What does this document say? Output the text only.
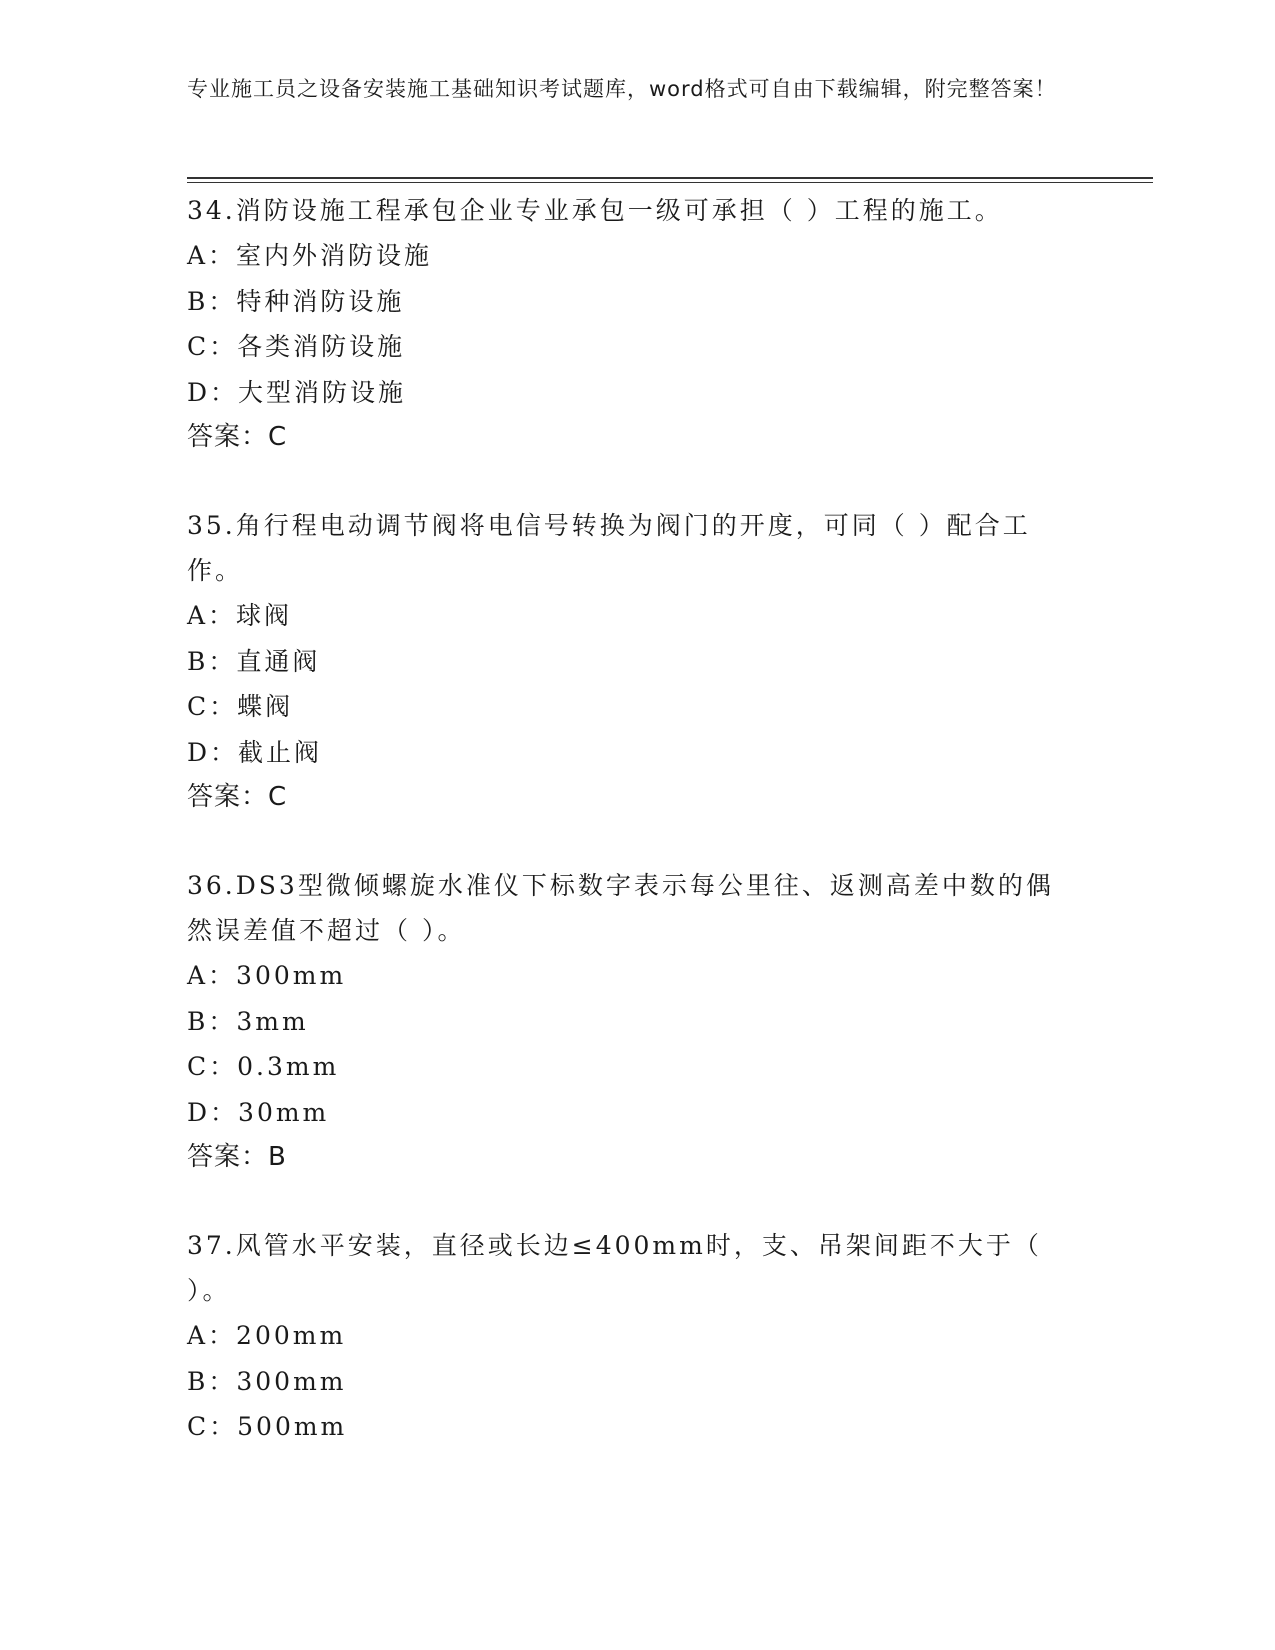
专业施工员之设备安装施工基础知识考试题库，word格式可自由下载编辑，附完整答案！

34.消防设施工程承包企业专业承包一级可承担（ ）工程的施工。

A：室内外消防设施

B：特种消防设施

C：各类消防设施

D：大型消防设施

答案：C

35.角行程电动调节阀将电信号转换为阀门的开度，可同（ ）配合工作。

A：球阀

B：直通阀

C：蝶阀

D：截止阀

答案：C

36.DS3型微倾螺旋水准仪下标数字表示每公里往、返测高差中数的偶然误差值不超过（ ）。

A：300mm

B：3mm

C：0.3mm

D：30mm

答案：B

37.风管水平安装，直径或长边≤400mm时，支、吊架间距不大于（ ）。

A：200mm

B：300mm

C：500mm
